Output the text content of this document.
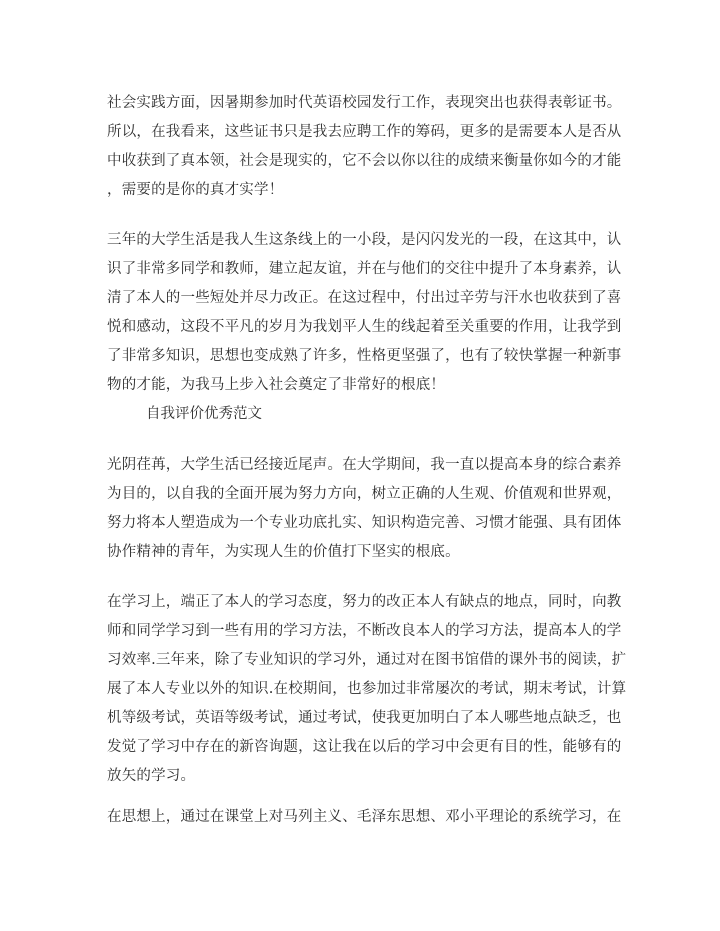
社会实践方面，因暑期参加时代英语校园发行工作，表现突出也获得表彰证书。
所以，在我看来，这些证书只是我去应聘工作的筹码，更多的是需要本人是否从
中收获到了真本领，社会是现实的，它不会以你以往的成绩来衡量你如今的才能
，需要的是你的真才实学！

三年的大学生活是我人生这条线上的一小段，是闪闪发光的一段，在这其中，认
识了非常多同学和教师，建立起友谊，并在与他们的交往中提升了本身素养，认
清了本人的一些短处并尽力改正。在这过程中，付出过辛劳与汗水也收获到了喜
悦和感动，这段不平凡的岁月为我划平人生的线起着至关重要的作用，让我学到
了非常多知识，思想也变成熟了许多，性格更坚强了，也有了较快掌握一种新事
物的才能，为我马上步入社会奠定了非常好的根底！

自我评价优秀范文

光阴荏苒，大学生活已经接近尾声。在大学期间，我一直以提高本身的综合素养
为目的，以自我的全面开展为努力方向，树立正确的人生观、价值观和世界观，
努力将本人塑造成为一个专业功底扎实、知识构造完善、习惯才能强、具有团体
协作精神的青年，为实现人生的价值打下坚实的根底。

在学习上，端正了本人的学习态度，努力的改正本人有缺点的地点，同时，向教
师和同学学习到一些有用的学习方法，不断改良本人的学习方法，提高本人的学
习效率.三年来，除了专业知识的学习外，通过对在图书馆借的课外书的阅读，扩
展了本人专业以外的知识.在校期间，也参加过非常屡次的考试，期末考试，计算
机等级考试，英语等级考试，通过考试，使我更加明白了本人哪些地点缺乏，也
发觉了学习中存在的新咨询题，这让我在以后的学习中会更有目的性，能够有的
放矢的学习。

在思想上，通过在课堂上对马列主义、毛泽东思想、邓小平理论的系统学习，在
